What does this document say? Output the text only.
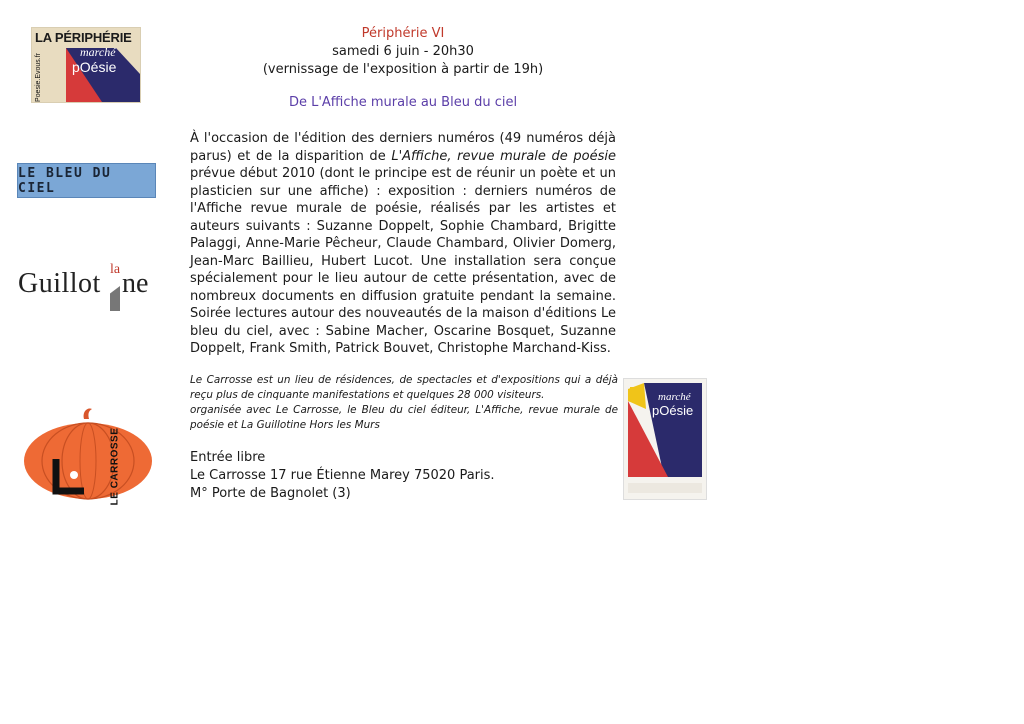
LA PÉRIPHÉRIE
Poesie.Evous.fr
marché
pOésie
LE BLEU DU CIEL
Guillot la ne
LE CARROSSE
Périphérie VI
samedi 6 juin - 20h30
(vernissage de l'exposition à partir de 19h)
De L'Affiche murale au Bleu du ciel
À l'occasion de l'édition des derniers numéros (49 numéros déjà parus) et de la disparition de L'Affiche, revue murale de poésie prévue début 2010 (dont le principe est de réunir un poète et un plasticien sur une affiche) : exposition : derniers numéros de l'Affiche revue murale de poésie, réalisés par les artistes et auteurs suivants : Suzanne Doppelt, Sophie Chambard, Brigitte Palaggi, Anne-Marie Pêcheur, Claude Chambard, Olivier Domerg, Jean-Marc Baillieu, Hubert Lucot. Une installation sera conçue spécialement pour le lieu autour de cette présentation, avec de nombreux documents en diffusion gratuite pendant la semaine. Soirée lectures autour des nouveautés de la maison d'éditions Le bleu du ciel, avec : Sabine Macher, Oscarine Bosquet, Suzanne Doppelt, Frank Smith, Patrick Bouvet, Christophe Marchand-Kiss.
Le Carrosse est un lieu de résidences, de spectacles et d'expositions qui a déjà reçu plus de cinquante manifestations et quelques 28 000 visiteurs.
organisée avec Le Carrosse, le Bleu du ciel éditeur, L'Affiche, revue murale de poésie et La Guillotine Hors les Murs
Entrée libre
Le Carrosse 17 rue Étienne Marey 75020 Paris.
M° Porte de Bagnolet (3)
marché
pOésie
